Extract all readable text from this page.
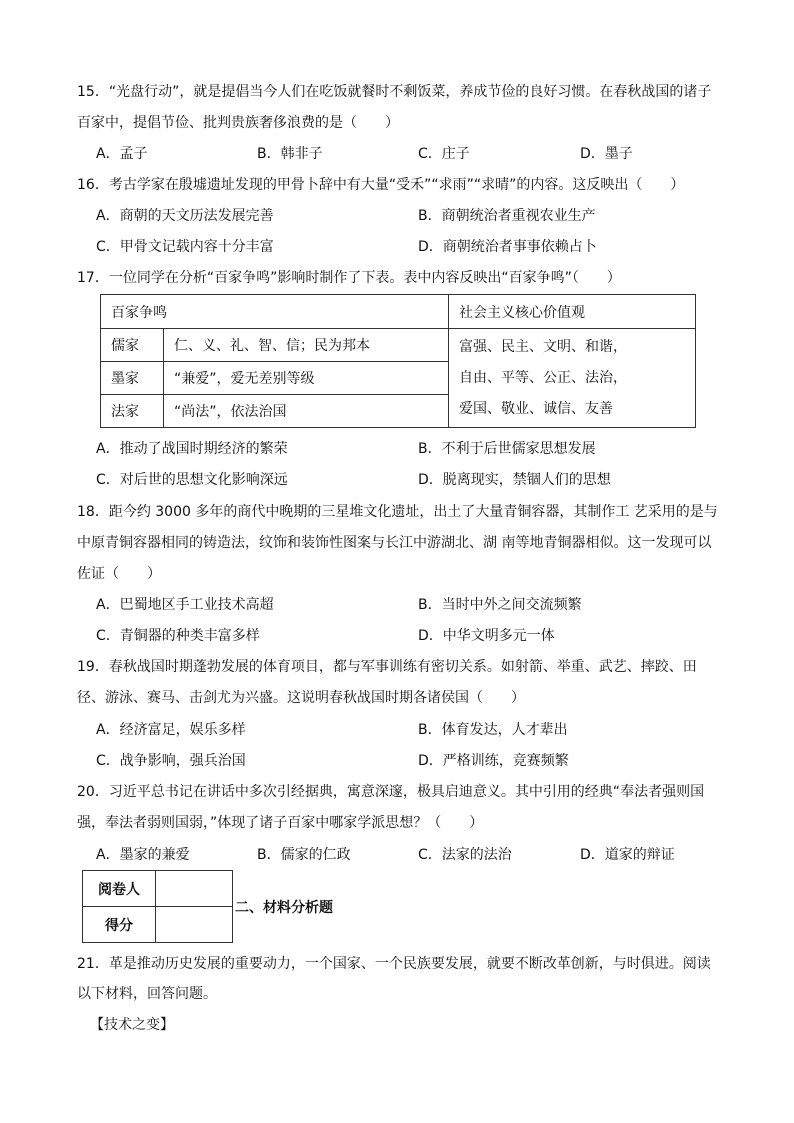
15．“光盘行动”，就是提倡当今人们在吃饭就餐时不剩饭菜，养成节俭的良好习惯。在春秋战国的诸子
百家中，提倡节俭、批判贵族奢侈浪费的是（　　）
A．孟子	B．韩非子	C．庄子	D．墨子
16．考古学家在殷墟遗址发现的甲骨卜辞中有大量“受禾”“求雨”“求晴”的内容。这反映出（　　）
A．商朝的天文历法发展完善	B．商朝统治者重视农业生产
C．甲骨文记载内容十分丰富	D．商朝统治者事事依赖占卜
17．一位同学在分析“百家争鸣”影响时制作了下表。表中内容反映出“百家争鸣”（　　）
百家争鸣		社会主义核心价值观
儒家	仁、义、礼、智、信；民为邦本	富强、民主、文明、和谐，
自由、平等、公正、法治，
爱国、敬业、诚信、友善

墨家	“兼爱”，爱无差别等级	
法家	“尚法”，依法治国	
A．推动了战国时期经济的繁荣	B．不利于后世儒家思想发展
C．对后世的思想文化影响深远	D．脱离现实，禁锢人们的思想
18．距今约 3000 多年的商代中晚期的三星堆文化遗址，出土了大量青铜容器，其制作工 艺采用的是与
中原青铜容器相同的铸造法，纹饰和装饰性图案与长江中游湖北、湖 南等地青铜器相似。这一发现可以
佐证（　　）
A．巴蜀地区手工业技术高超	B．当时中外之间交流频繁
C．青铜器的种类丰富多样	D．中华文明多元一体
19．春秋战国时期蓬勃发展的体育项目，都与军事训练有密切关系。如射箭、举重、武艺、摔跤、田
径、游泳、赛马、击剑尤为兴盛。这说明春秋战国时期各诸侯国（　　）
A．经济富足，娱乐多样	B．体育发达，人才辈出
C．战争影响，强兵治国	D．严格训练，竞赛频繁
20．习近平总书记在讲话中多次引经据典，寓意深邃，极具启迪意义。其中引用的经典“奉法者强则国
强，奉法者弱则国弱，”体现了诸子百家中哪家学派思想？（　　）
A．墨家的兼爱	B．儒家的仁政	C．法家的法治	D．道家的辩证
阅卷人	
得分	
二、材料分析题
21．革是推动历史发展的重要动力，一个国家、一个民族要发展，就要不断改革创新，与时俱进。阅读
以下材料，回答问题。
【技术之变】
